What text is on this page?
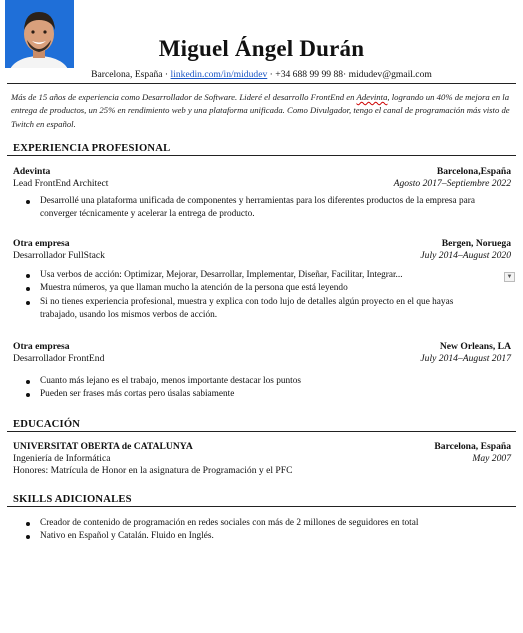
Miguel Ángel Durán
Barcelona, España · linkedin.com/in/midudev · +34 688 99 99 88· midudev@gmail.com
Más de 15 años de experiencia como Desarrollador de Software. Lideré el desarrollo FrontEnd en Adevinta, logrando un 40% de mejora en la entrega de productos, un 25% en rendimiento web y una plataforma unificada. Como Divulgador, tengo el canal de programación más visto de Twitch en español.
EXPERIENCIA PROFESIONAL
Adevinta	Barcelona,España
Lead FrontEnd Architect	Agosto 2017–Septiembre 2022
Desarrollé una plataforma unificada de componentes y herramientas para los diferentes productos de la empresa para converger técnicamente y acelerar la entrega de producto.
Otra empresa	Bergen, Noruega
Desarrollador FullStack	July 2014–August 2020
Usa verbos de acción: Optimizar, Mejorar, Desarrollar, Implementar, Diseñar, Facilitar, Integrar...
Muestra números, ya que llaman mucho la atención de la persona que está leyendo
Si no tienes experiencia profesional, muestra y explica con todo lujo de detalles algún proyecto en el que hayas trabajado, usando los mismos verbos de acción.
▼
Otra empresa	New Orleans, LA
Desarrollador FrontEnd	July 2014–August 2017
Cuanto más lejano es el trabajo, menos importante destacar los puntos
Pueden ser frases más cortas pero úsalas sabiamente
EDUCACIÓN
UNIVERSITAT OBERTA de CATALUNYA	Barcelona, España
Ingeniería de Informática	May 2007
Honores: Matrícula de Honor en la asignatura de Programación y el PFC
SKILLS ADICIONALES
Creador de contenido de programación en redes sociales con más de 2 millones de seguidores en total
Nativo en Español y Catalán. Fluido en Inglés.
